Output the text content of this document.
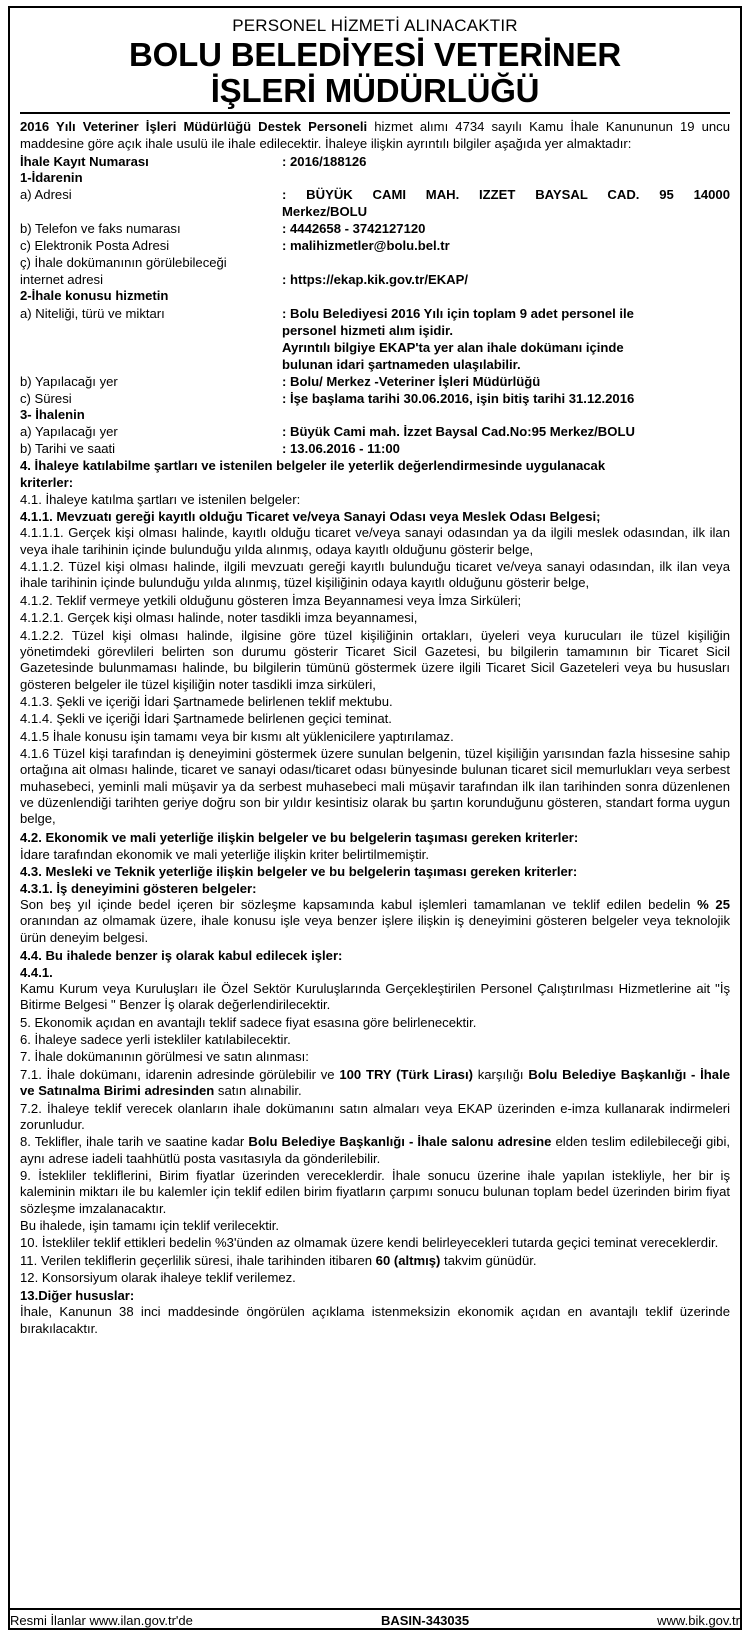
PERSONEL HİZMETİ ALINACAKTIR
BOLU BELEDİYESİ VETERİNER
İŞLERİ MÜDÜRLÜĞÜ

2016 Yılı Veteriner İşleri Müdürlüğü Destek Personeli hizmet alımı 4734 sayılı Kamu İhale Kanununun 19 uncu maddesine göre açık ihale usulü ile ihale edilecektir. İhaleye ilişkin ayrıntılı bilgiler aşağıda yer almaktadır:

İhale Kayıt Numarası	: 2016/188126
1-İdarenin
a) Adresi	: BÜYÜK CAMI MAH. IZZET BAYSAL CAD. 95 14000
Merkez/BOLU
b) Telefon ve faks numarası	: 4442658 - 3742127120
c) Elektronik Posta Adresi	: malihizmetler@bolu.bel.tr
ç) İhale dokümanının görülebileceği

internet adresi	: https://ekap.kik.gov.tr/EKAP/
2-İhale konusu hizmetin
a) Niteliği, türü ve miktarı	: Bolu Belediyesi 2016 Yılı için toplam 9 adet personel ile
personel hizmeti alım işidir.
Ayrıntılı bilgiye EKAP'ta yer alan ihale dokümanı içinde
bulunan idari şartnameden ulaşılabilir.
b) Yapılacağı yer	: Bolu/ Merkez -Veteriner İşleri Müdürlüğü
c) Süresi	: İşe başlama tarihi 30.06.2016, işin bitiş tarihi 31.12.2016
3- İhalenin
a) Yapılacağı yer	: Büyük Cami mah. İzzet Baysal Cad.No:95 Merkez/BOLU
b) Tarihi ve saati	: 13.06.2016 - 11:00
4. İhaleye katılabilme şartları ve istenilen belgeler ile yeterlik değerlendirmesinde uygulanacak
kriterler:
4.1. İhaleye katılma şartları ve istenilen belgeler:
4.1.1. Mevzuatı gereği kayıtlı olduğu Ticaret ve/veya Sanayi Odası veya Meslek Odası Belgesi;

4.1.1.1. Gerçek kişi olması halinde, kayıtlı olduğu ticaret ve/veya sanayi odasından ya da ilgili meslek odasından, ilk ilan veya ihale tarihinin içinde bulunduğu yılda alınmış, odaya kayıtlı olduğunu gösterir belge,

4.1.1.2. Tüzel kişi olması halinde, ilgili mevzuatı gereği kayıtlı bulunduğu ticaret ve/veya sanayi odasından, ilk ilan veya ihale tarihinin içinde bulunduğu yılda alınmış, tüzel kişiliğinin odaya kayıtlı olduğunu gösterir belge,

4.1.2. Teklif vermeye yetkili olduğunu gösteren İmza Beyannamesi veya İmza Sirküleri;

4.1.2.1. Gerçek kişi olması halinde, noter tasdikli imza beyannamesi,

4.1.2.2. Tüzel kişi olması halinde, ilgisine göre tüzel kişiliğinin ortakları, üyeleri veya kurucuları ile tüzel kişiliğin yönetimdeki görevlileri belirten son durumu gösterir Ticaret Sicil Gazetesi, bu bilgilerin tamamının bir Ticaret Sicil Gazetesinde bulunmaması halinde, bu bilgilerin tümünü göstermek üzere ilgili Ticaret Sicil Gazeteleri veya bu hususları gösteren belgeler ile tüzel kişiliğin noter tasdikli imza sirküleri,

4.1.3. Şekli ve içeriği İdari Şartnamede belirlenen teklif mektubu.

4.1.4. Şekli ve içeriği İdari Şartnamede belirlenen geçici teminat.

4.1.5 İhale konusu işin tamamı veya bir kısmı alt yüklenicilere yaptırılamaz.

4.1.6 Tüzel kişi tarafından iş deneyimini göstermek üzere sunulan belgenin, tüzel kişiliğin yarısından fazla hissesine sahip ortağına ait olması halinde, ticaret ve sanayi odası/ticaret odası bünyesinde bulunan ticaret sicil memurlukları veya serbest muhasebeci, yeminli mali müşavir ya da serbest muhasebeci mali müşavir tarafından ilk ilan tarihinden sonra düzenlenen ve düzenlendiği tarihten geriye doğru son bir yıldır kesintisiz olarak bu şartın korunduğunu gösteren, standart forma uygun belge,

4.2. Ekonomik ve mali yeterliğe ilişkin belgeler ve bu belgelerin taşıması gereken kriterler:
İdare tarafından ekonomik ve mali yeterliğe ilişkin kriter belirtilmemiştir.
4.3. Mesleki ve Teknik yeterliğe ilişkin belgeler ve bu belgelerin taşıması gereken kriterler:
4.3.1. İş deneyimini gösteren belgeler:

Son beş yıl içinde bedel içeren bir sözleşme kapsamında kabul işlemleri tamamlanan ve teklif edilen bedelin % 25 oranından az olmamak üzere, ihale konusu işle veya benzer işlere ilişkin iş deneyimini gösteren belgeler veya teknolojik ürün deneyim belgesi.

4.4. Bu ihalede benzer iş olarak kabul edilecek işler:
4.4.1.

Kamu Kurum veya Kuruluşları ile Özel Sektör Kuruluşlarında Gerçekleştirilen Personel Çalıştırılması Hizmetlerine ait "İş Bitirme Belgesi " Benzer İş olarak değerlendirilecektir.

5. Ekonomik açıdan en avantajlı teklif sadece fiyat esasına göre belirlenecektir.

6. İhaleye sadece yerli istekliler katılabilecektir.

7. İhale dokümanının görülmesi ve satın alınması:

7.1. İhale dokümanı, idarenin adresinde görülebilir ve 100 TRY (Türk Lirası) karşılığı Bolu Belediye Başkanlığı - İhale ve Satınalma Birimi adresinden satın alınabilir.

7.2. İhaleye teklif verecek olanların ihale dokümanını satın almaları veya EKAP üzerinden e-imza kullanarak indirmeleri zorunludur.

8. Teklifler, ihale tarih ve saatine kadar Bolu Belediye Başkanlığı - İhale salonu adresine elden teslim edilebileceği gibi, aynı adrese iadeli taahhütlü posta vasıtasıyla da gönderilebilir.

9. İstekliler tekliflerini, Birim fiyatlar üzerinden vereceklerdir. İhale sonucu üzerine ihale yapılan istekliyle, her bir iş kaleminin miktarı ile bu kalemler için teklif edilen birim fiyatların çarpımı sonucu bulunan toplam bedel üzerinden birim fiyat sözleşme imzalanacaktır.

Bu ihalede, işin tamamı için teklif verilecektir.

10. İstekliler teklif ettikleri bedelin %3'ünden az olmamak üzere kendi belirleyecekleri tutarda geçici teminat vereceklerdir.

11. Verilen tekliflerin geçerlilik süresi, ihale tarihinden itibaren 60 (altmış) takvim günüdür.

12. Konsorsiyum olarak ihaleye teklif verilemez.

13.Diğer hususlar:

İhale, Kanunun 38 inci maddesinde öngörülen açıklama istenmeksizin ekonomik açıdan en avantajlı teklif üzerinde bırakılacaktır.

Resmi İlanlar www.ilan.gov.tr'de	BASIN-343035	www.bik.gov.tr
